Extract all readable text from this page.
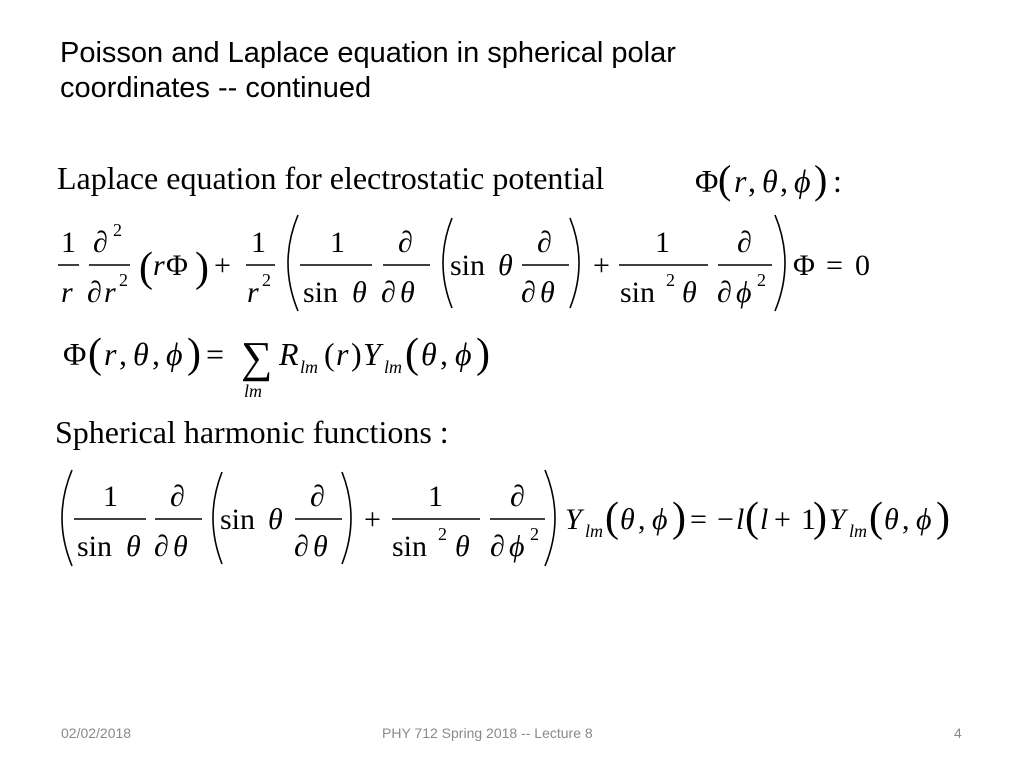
Poisson and Laplace equation in spherical polar
coordinates -- continued
Laplace equation for electrostatic potential	Φ ( r , θ , ϕ ) :
1
r
∂ 2
∂ r 2 ( r Φ ) +
1
r 2
1
sin θ
∂
∂ θ
sin θ
∂
∂ θ
+
1
sin 2 θ
∂
∂ ϕ 2 Φ = 0
Φ ( r , θ , ϕ ) = ∑
lm
R lm ( r ) Y lm ( θ , ϕ )
Spherical harmonic functions :
1
sin θ
∂
∂ θ
sin θ
∂
∂ θ
+
1
sin 2 θ
∂
∂ ϕ 2 Y lm ( θ , ϕ ) = − l ( l + 1
) Y lm ( θ , ϕ )
02/02/2018	PHY 712 Spring 2018 -- Lecture 8	4
